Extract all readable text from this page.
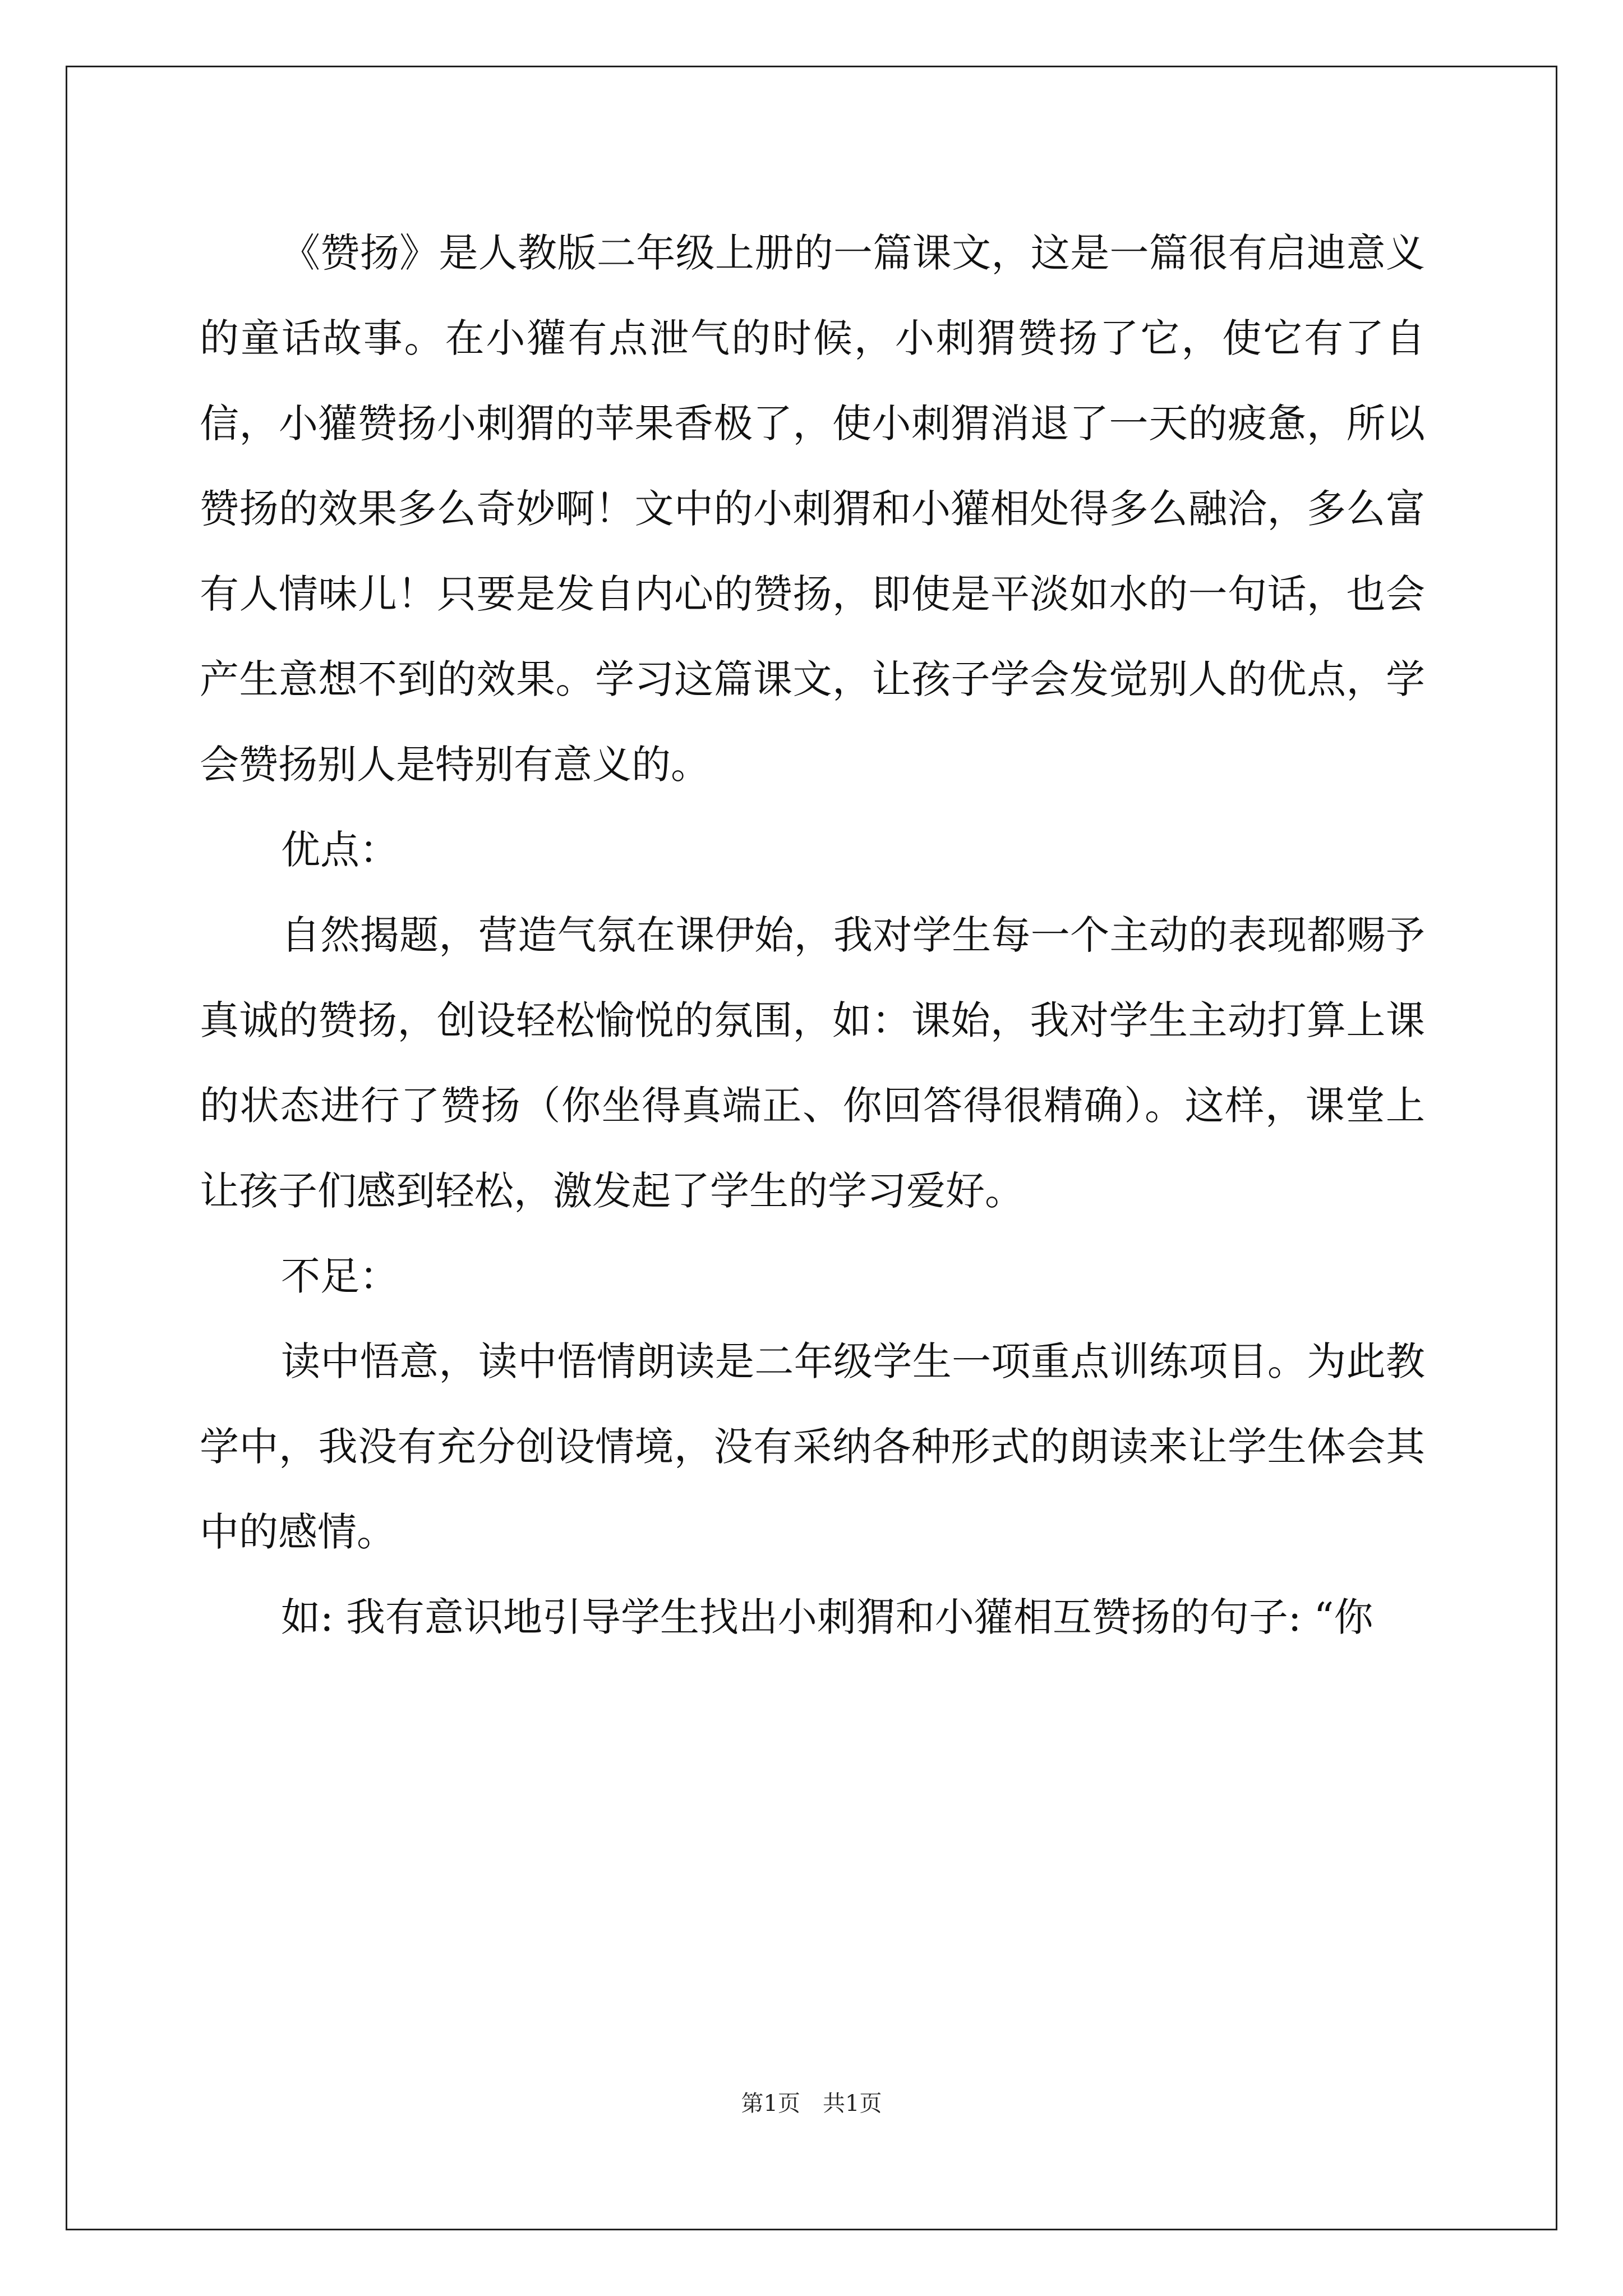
《赞扬》是人教版二年级上册的一篇课文，这是一篇很有启迪意义的童话故事。在小獾有点泄气的时候，小刺猬赞扬了它，使它有了自信，小獾赞扬小刺猬的苹果香极了，使小刺猬消退了一天的疲惫，所以赞扬的效果多么奇妙啊！文中的小刺猬和小獾相处得多么融洽，多么富有人情味儿！只要是发自内心的赞扬，即使是平淡如水的一句话，也会产生意想不到的效果。学习这篇课文，让孩子学会发觉别人的优点，学会赞扬别人是特别有意义的。

优点：

自然揭题，营造气氛在课伊始，我对学生每一个主动的表现都赐予真诚的赞扬，创设轻松愉悦的氛围，如：课始，我对学生主动打算上课的状态进行了赞扬（你坐得真端正、你回答得很精确）。这样，课堂上让孩子们感到轻松，激发起了学生的学习爱好。

不足：

读中悟意，读中悟情朗读是二年级学生一项重点训练项目。为此教学中，我没有充分创设情境，没有采纳各种形式的朗读来让学生体会其中的感情。

如: 我有意识地引导学生找出小刺猬和小獾相互赞扬的句子: “你

第1页 共1页
